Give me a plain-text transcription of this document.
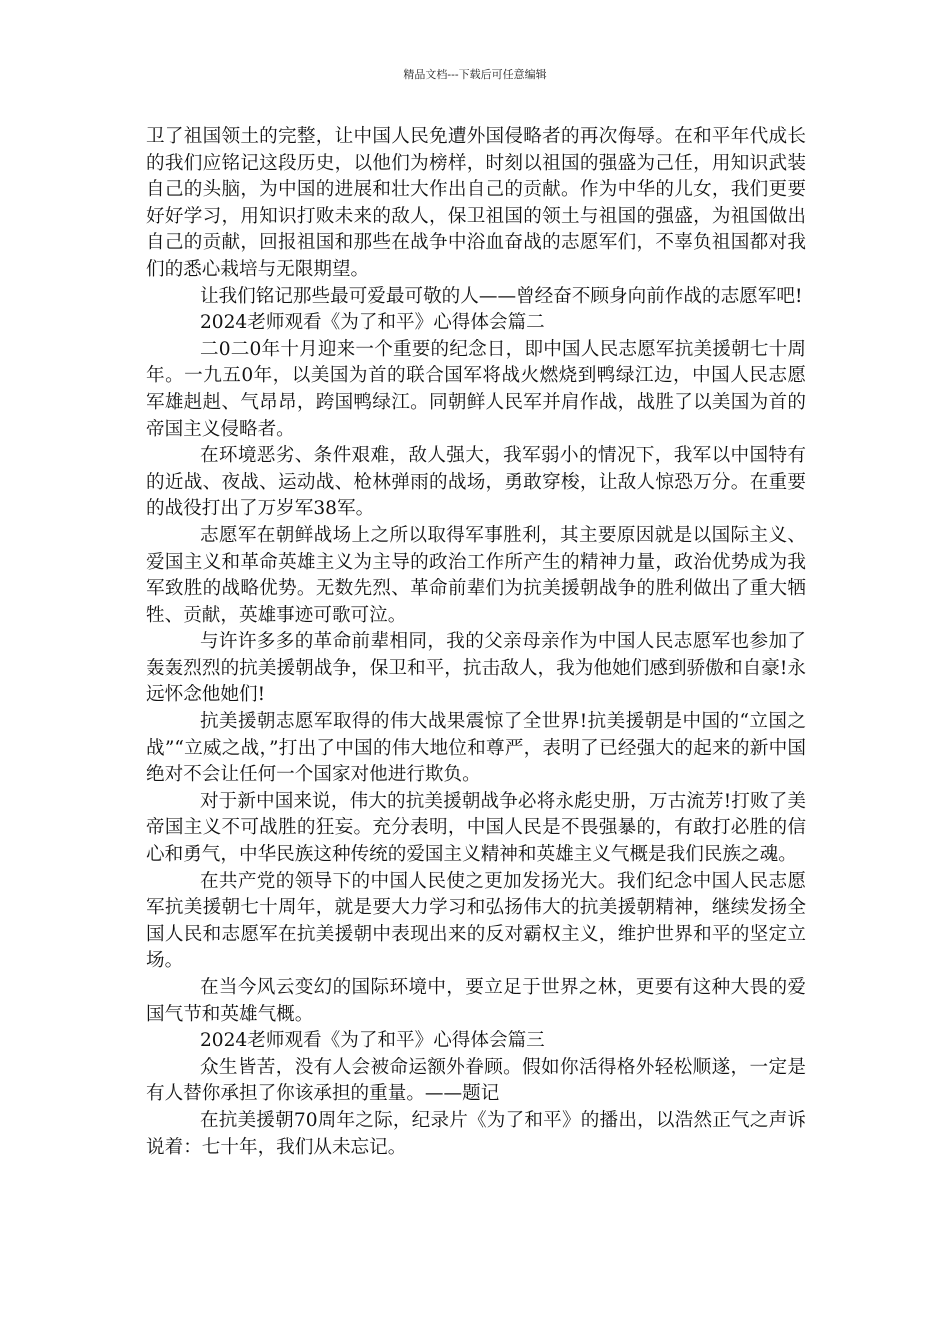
精品文档---下载后可任意编辑

卫了祖国领土的完整，让中国人民免遭外国侵略者的再次侮辱。在和平年代成长的我们应铭记这段历史，以他们为榜样，时刻以祖国的强盛为己任，用知识武装自己的头脑，为中国的进展和壮大作出自己的贡献。作为中华的儿女，我们更要好好学习，用知识打败未来的敌人，保卫祖国的领土与祖国的强盛，为祖国做出自己的贡献，回报祖国和那些在战争中浴血奋战的志愿军们，不辜负祖国都对我们的悉心栽培与无限期望。

让我们铭记那些最可爱最可敬的人——曾经奋不顾身向前作战的志愿军吧!

2024老师观看《为了和平》心得体会篇二

二0二0年十月迎来一个重要的纪念日，即中国人民志愿军抗美援朝七十周年。一九五0年，以美国为首的联合国军将战火燃烧到鸭绿江边，中国人民志愿军雄赳赳、气昂昂，跨国鸭绿江。同朝鲜人民军并肩作战，战胜了以美国为首的帝国主义侵略者。

在环境恶劣、条件艰难，敌人强大，我军弱小的情况下，我军以中国特有的近战、夜战、运动战、枪林弹雨的战场，勇敢穿梭，让敌人惊恐万分。在重要的战役打出了万岁军38军。

志愿军在朝鲜战场上之所以取得军事胜利，其主要原因就是以国际主义、爱国主义和革命英雄主义为主导的政治工作所产生的精神力量，政治优势成为我军致胜的战略优势。无数先烈、革命前辈们为抗美援朝战争的胜利做出了重大牺牲、贡献，英雄事迹可歌可泣。

与许许多多的革命前辈相同，我的父亲母亲作为中国人民志愿军也参加了轰轰烈烈的抗美援朝战争，保卫和平，抗击敌人，我为他她们感到骄傲和自豪!永远怀念他她们!

抗美援朝志愿军取得的伟大战果震惊了全世界!抗美援朝是中国的“立国之战”“立威之战，”打出了中国的伟大地位和尊严，表明了已经强大的起来的新中国绝对不会让任何一个国家对他进行欺负。

对于新中国来说，伟大的抗美援朝战争必将永彪史册，万古流芳!打败了美帝国主义不可战胜的狂妄。充分表明，中国人民是不畏强暴的，有敢打必胜的信心和勇气，中华民族这种传统的爱国主义精神和英雄主义气概是我们民族之魂。

在共产党的领导下的中国人民使之更加发扬光大。我们纪念中国人民志愿军抗美援朝七十周年，就是要大力学习和弘扬伟大的抗美援朝精神，继续发扬全国人民和志愿军在抗美援朝中表现出来的反对霸权主义，维护世界和平的坚定立场。

在当今风云变幻的国际环境中，要立足于世界之林，更要有这种大畏的爱国气节和英雄气概。

2024老师观看《为了和平》心得体会篇三

众生皆苦，没有人会被命运额外眷顾。假如你活得格外轻松顺遂，一定是有人替你承担了你该承担的重量。——题记

在抗美援朝70周年之际，纪录片《为了和平》的播出，以浩然正气之声诉说着：七十年，我们从未忘记。
